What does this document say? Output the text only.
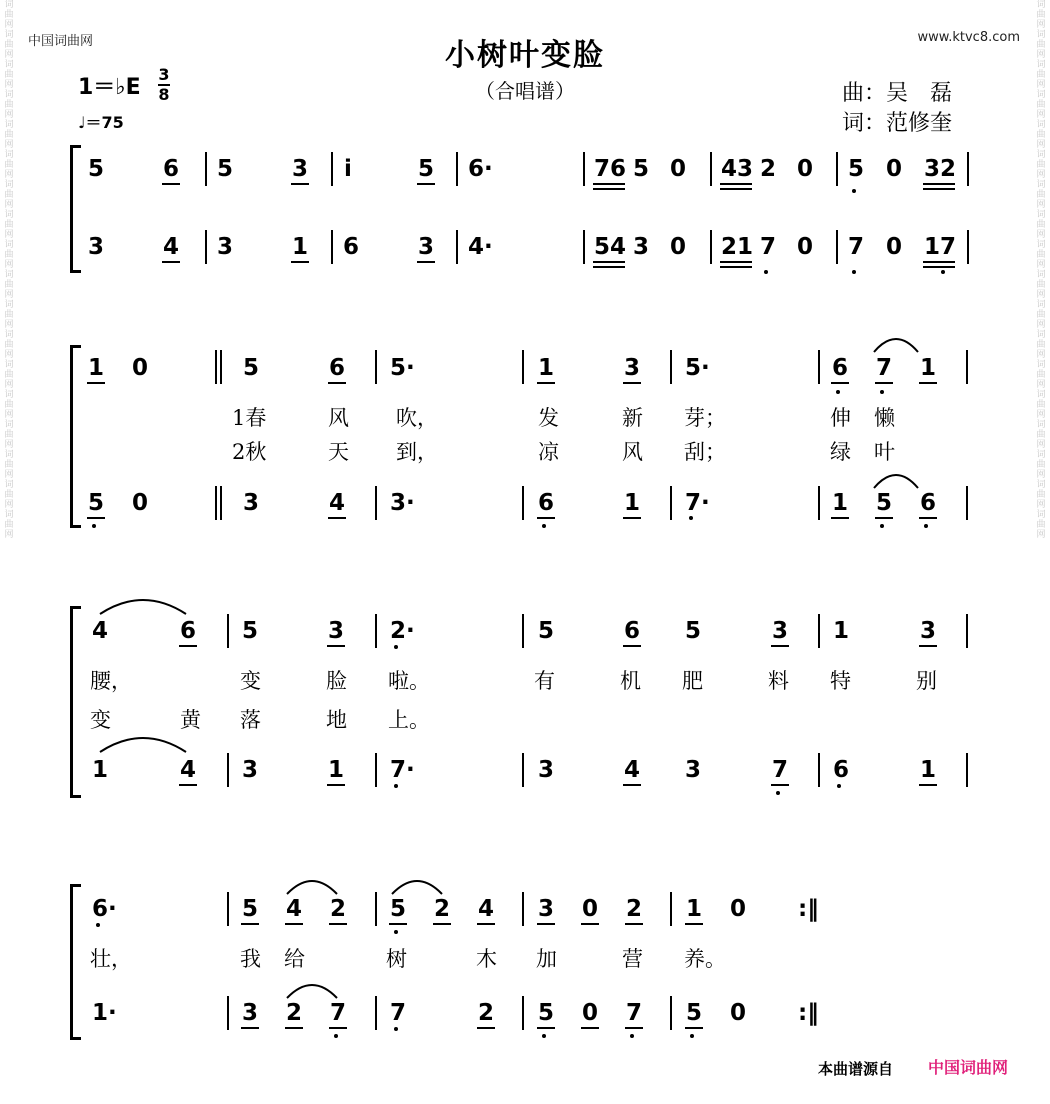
词曲网词曲网词曲网词曲网词曲网词曲网词曲网词曲网词曲网词曲网词曲网词曲网词曲网词曲网词曲网词曲网词曲网词曲网
词曲网词曲网词曲网词曲网词曲网词曲网词曲网词曲网词曲网词曲网词曲网词曲网词曲网词曲网词曲网词曲网词曲网词曲网
中国词曲网	www.ktvc8.com
小树叶变脸
（合唱谱）	曲：吴　磊
词：范修奎
1＝♭E
3
8
♩＝75
5	6 5	3 i	5 6·	76 5 0 43 2 0 5 0 32
3	4 3	1 6	3 4·	54 3 0 21 7 0 7 0 17
1 0	5	6 5·	1	3 5·	6 7 1
1春	风 吹，	发	新 芽；	伸 懒
2秋	天 到，	凉	风 刮；	绿 叶
5 0	3	4 3·	6	1 7·	1 5 6
4	6 5	3 2·	5	6 5	3 1	3
腰，	变	脸 啦。	有	机 肥	料 特	别
变	黄 落	地 上。
1	4 3	1 7·	3	4 3	7 6	1
6·	5 4 2 5 2 4 3 0 2 1 0 :‖
壮，	我 给	树	木 加	营 养。
1·	3 2 7 7	2 5 0 7 5 0 :‖
本曲谱源自 中国词曲网
